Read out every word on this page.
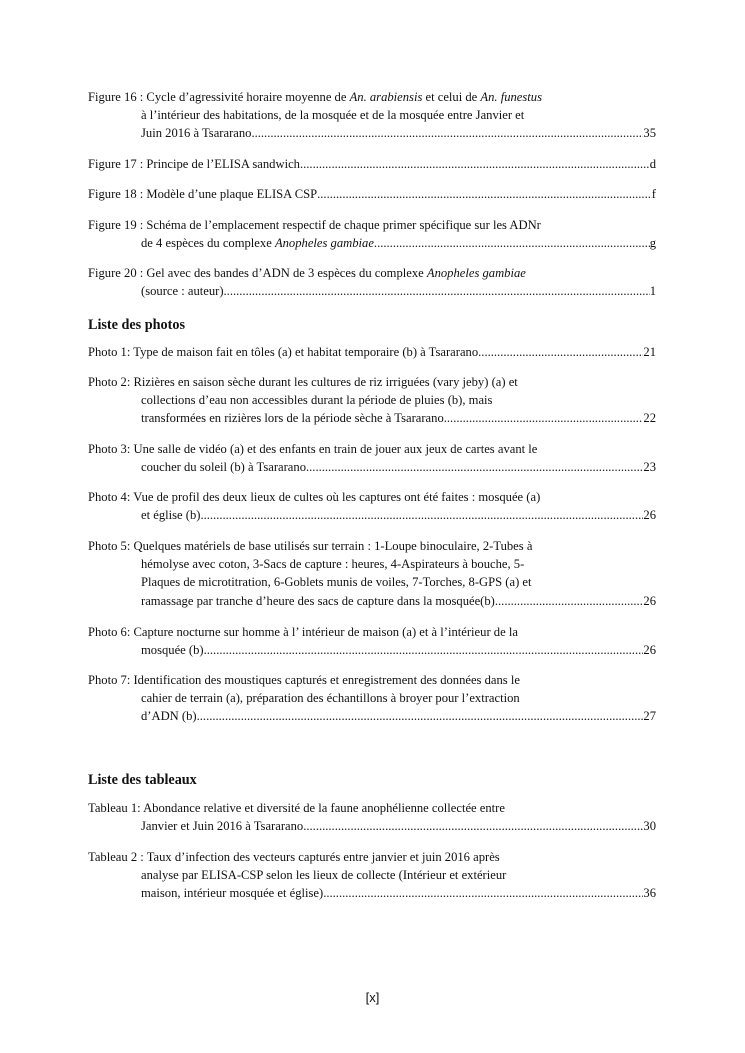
Figure 16 : Cycle d’agressivité horaire moyenne de An. arabiensis et celui de An. funestus
à l’intérieur des habitations, de la mosquée et de la mosquée entre Janvier et
Juin 2016 à Tsararano. .....	35
Figure 17 : Principe de l’ELISA sandwich .....	d
Figure 18 : Modèle d’une plaque ELISA CSP .....	f
Figure 19 : Schéma de l’emplacement respectif de chaque primer spécifique sur les ADNr
de 4 espèces du complexe Anopheles gambiae .....	g
Figure 20 : Gel avec des bandes d’ADN de 3 espèces du complexe Anopheles gambiae
(source : auteur) .....	1
Liste des photos
Photo 1: Type de maison fait en tôles (a) et habitat temporaire (b) à Tsararano .....	21
Photo 2: Rizières en saison sèche durant les cultures de riz irriguées (vary jeby) (a) et
collections d’eau non accessibles durant la période de pluies (b), mais
transformées en rizières lors de la période sèche à Tsararano .....	22
Photo 3: Une salle de vidéo (a) et des enfants en train de jouer aux jeux de cartes avant le
coucher du soleil (b) à Tsararano .....	23
Photo 4: Vue de profil des deux lieux de cultes où les captures ont été faites : mosquée (a)
et église (b) .....	26
Photo 5: Quelques matériels de base utilisés sur terrain : 1-Loupe binoculaire, 2-Tubes à
hémolyse avec coton, 3-Sacs de capture : heures, 4-Aspirateurs à bouche, 5-
Plaques de microtitration, 6-Goblets munis de voiles, 7-Torches, 8-GPS (a) et
ramassage par tranche d’heure des sacs de capture dans la mosquée(b) .....	26
Photo 6: Capture nocturne sur homme à l’ intérieur de maison (a) et à l’intérieur de la
mosquée (b) .....	26
Photo 7: Identification des moustiques capturés et enregistrement des données dans le
cahier de terrain (a), préparation des échantillons à broyer pour l’extraction
d’ADN (b). .....	27
Liste des tableaux
Tableau 1: Abondance relative et diversité de la faune anophélienne collectée entre
Janvier et Juin 2016 à Tsararano .....	30
Tableau 2 : Taux d’infection des vecteurs capturés entre janvier et juin 2016 après
analyse par ELISA-CSP selon les lieux de collecte (Intérieur et extérieur
maison, intérieur mosquée et église). .....	36
[x]
